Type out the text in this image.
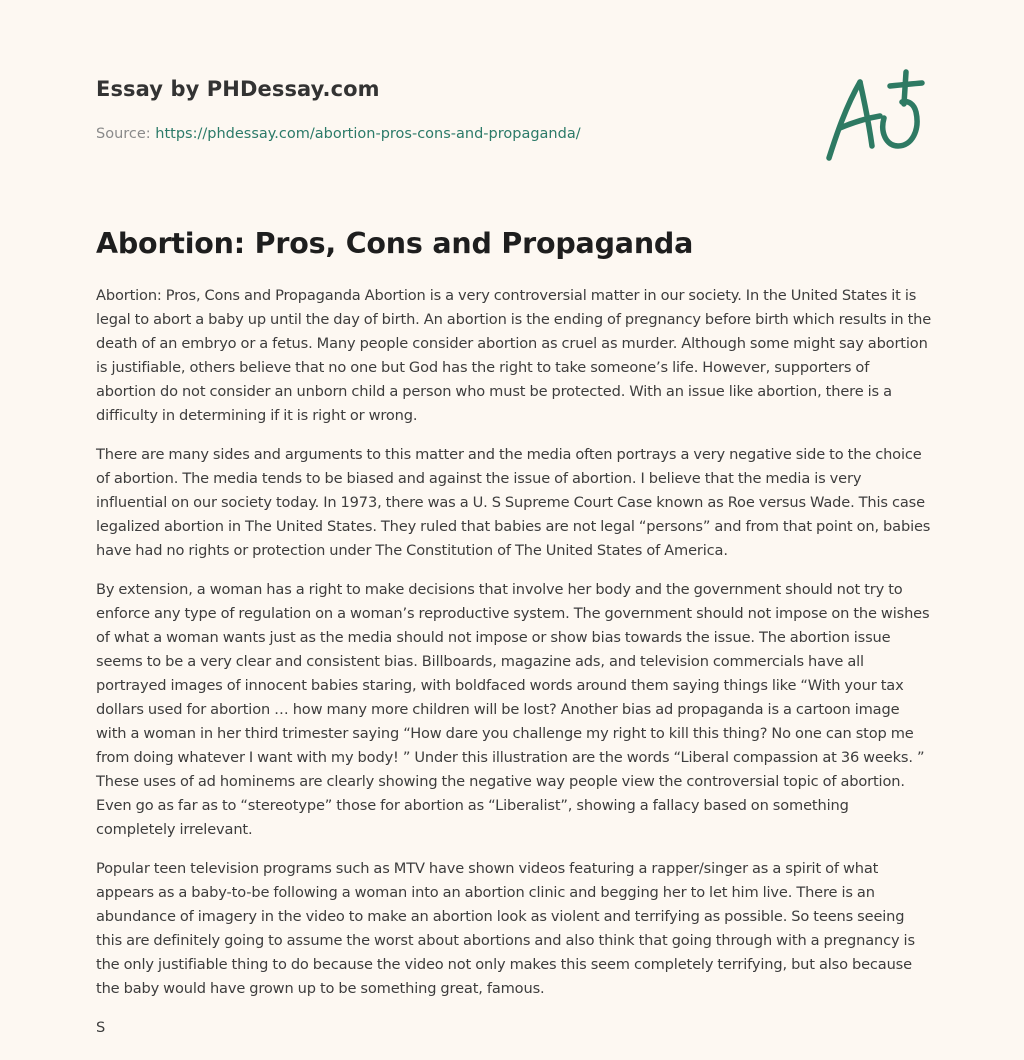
Essay by PHDessay.com
Source: https://phdessay.com/abortion-pros-cons-and-propaganda/
Abortion: Pros, Cons and Propaganda

Abortion: Pros, Cons and Propaganda Abortion is a very controversial matter in our society. In the United States it is legal to abort a baby up until the day of birth. An abortion is the ending of pregnancy before birth which results in the death of an embryo or a fetus. Many people consider abortion as cruel as murder. Although some might say abortion is justifiable, others believe that no one but God has the right to take someone’s life. However, supporters of abortion do not consider an unborn child a person who must be protected. With an issue like abortion, there is a difficulty in determining if it is right or wrong.

There are many sides and arguments to this matter and the media often portrays a very negative side to the choice of abortion. The media tends to be biased and against the issue of abortion. I believe that the media is very influential on our society today. In 1973, there was a U. S Supreme Court Case known as Roe versus Wade. This case legalized abortion in The United States. They ruled that babies are not legal “persons” and from that point on, babies have had no rights or protection under The Constitution of The United States of America.

By extension, a woman has a right to make decisions that involve her body and the government should not try to enforce any type of regulation on a woman’s reproductive system. The government should not impose on the wishes of what a woman wants just as the media should not impose or show bias towards the issue. The abortion issue seems to be a very clear and consistent bias. Billboards, magazine ads, and television commercials have all portrayed images of innocent babies staring, with boldfaced words around them saying things like “With your tax dollars used for abortion … how many more children will be lost? Another bias ad propaganda is a cartoon image with a woman in her third trimester saying “How dare you challenge my right to kill this thing? No one can stop me from doing whatever I want with my body! ” Under this illustration are the words “Liberal compassion at 36 weeks. ” These uses of ad hominems are clearly showing the negative way people view the controversial topic of abortion. Even go as far as to “stereotype” those for abortion as “Liberalist”, showing a fallacy based on something completely irrelevant.

Popular teen television programs such as MTV have shown videos featuring a rapper/singer as a spirit of what appears as a baby-to-be following a woman into an abortion clinic and begging her to let him live. There is an abundance of imagery in the video to make an abortion look as violent and terrifying as possible. So teens seeing this are definitely going to assume the worst about abortions and also think that going through with a pregnancy is the only justifiable thing to do because the video not only makes this seem completely terrifying, but also because the baby would have grown up to be something great, famous.

S
